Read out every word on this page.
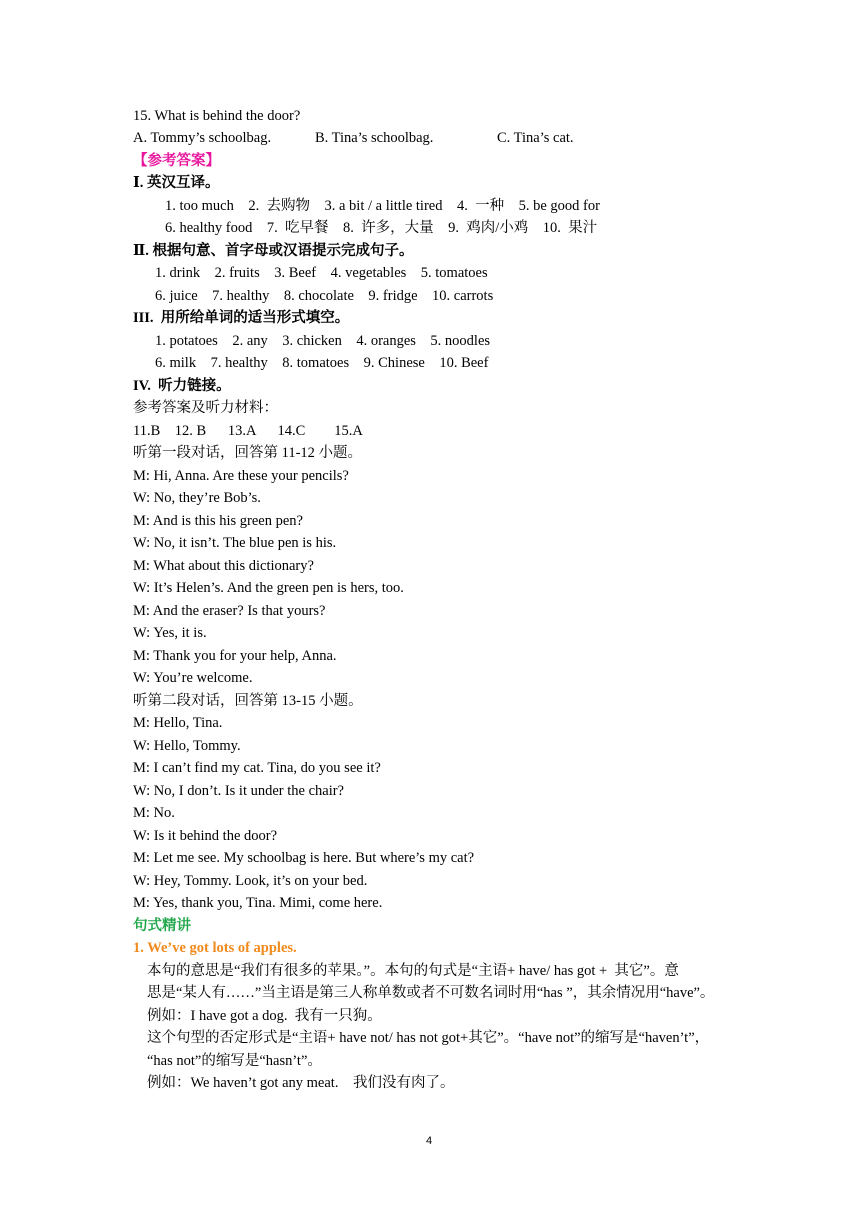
15. What is behind the door?
A. Tommy’s schoolbag.	B. Tina’s schoolbag.	C. Tina’s cat.
【参考答案】
Ⅰ. 英汉互译。
1. too much    2.  去购物    3. a bit / a little tired    4.  一种    5. be good for
6. healthy food    7.  吃早餐    8.  许多，大量    9.  鸡肉/小鸡    10.  果汁
Ⅱ. 根据句意、首字母或汉语提示完成句子。
1. drink    2. fruits    3. Beef    4. vegetables    5. tomatoes
6. juice    7. healthy    8. chocolate    9. fridge    10. carrots
III.  用所给单词的适当形式填空。
1. potatoes    2. any    3. chicken    4. oranges    5. noodles
6. milk    7. healthy    8. tomatoes    9. Chinese    10. Beef
IV.  听力链接。
参考答案及听力材料：
11.B    12. B      13.A      14.C        15.A
听第一段对话，回答第 11-12 小题。
M: Hi, Anna. Are these your pencils?
W: No, they’re Bob’s.
M: And is this his green pen?
W: No, it isn’t. The blue pen is his.
M: What about this dictionary?
W: It’s Helen’s. And the green pen is hers, too.
M: And the eraser? Is that yours?
W: Yes, it is.
M: Thank you for your help, Anna.
W: You’re welcome.
听第二段对话，回答第 13-15 小题。
M: Hello, Tina.
W: Hello, Tommy.
M: I can’t find my cat. Tina, do you see it?
W: No, I don’t. Is it under the chair?
M: No.
W: Is it behind the door?
M: Let me see. My schoolbag is here. But where’s my cat?
W: Hey, Tommy. Look, it’s on your bed.
M: Yes, thank you, Tina. Mimi, come here.
句式精讲
1. We’ve got lots of apples.
本句的意思是“我们有很多的苹果。”。本句的句式是“主语+ have/ has got +  其它”。意
思是“某人有……”当主语是第三人称单数或者不可数名词时用“has ”，其余情况用“have”。
例如：I have got a dog.  我有一只狗。
这个句型的否定形式是“主语+ have not/ has not got+其它”。“have not”的缩写是“haven’t”，
“has not”的缩写是“hasn’t”。
例如：We haven’t got any meat.    我们没有肉了。
4
